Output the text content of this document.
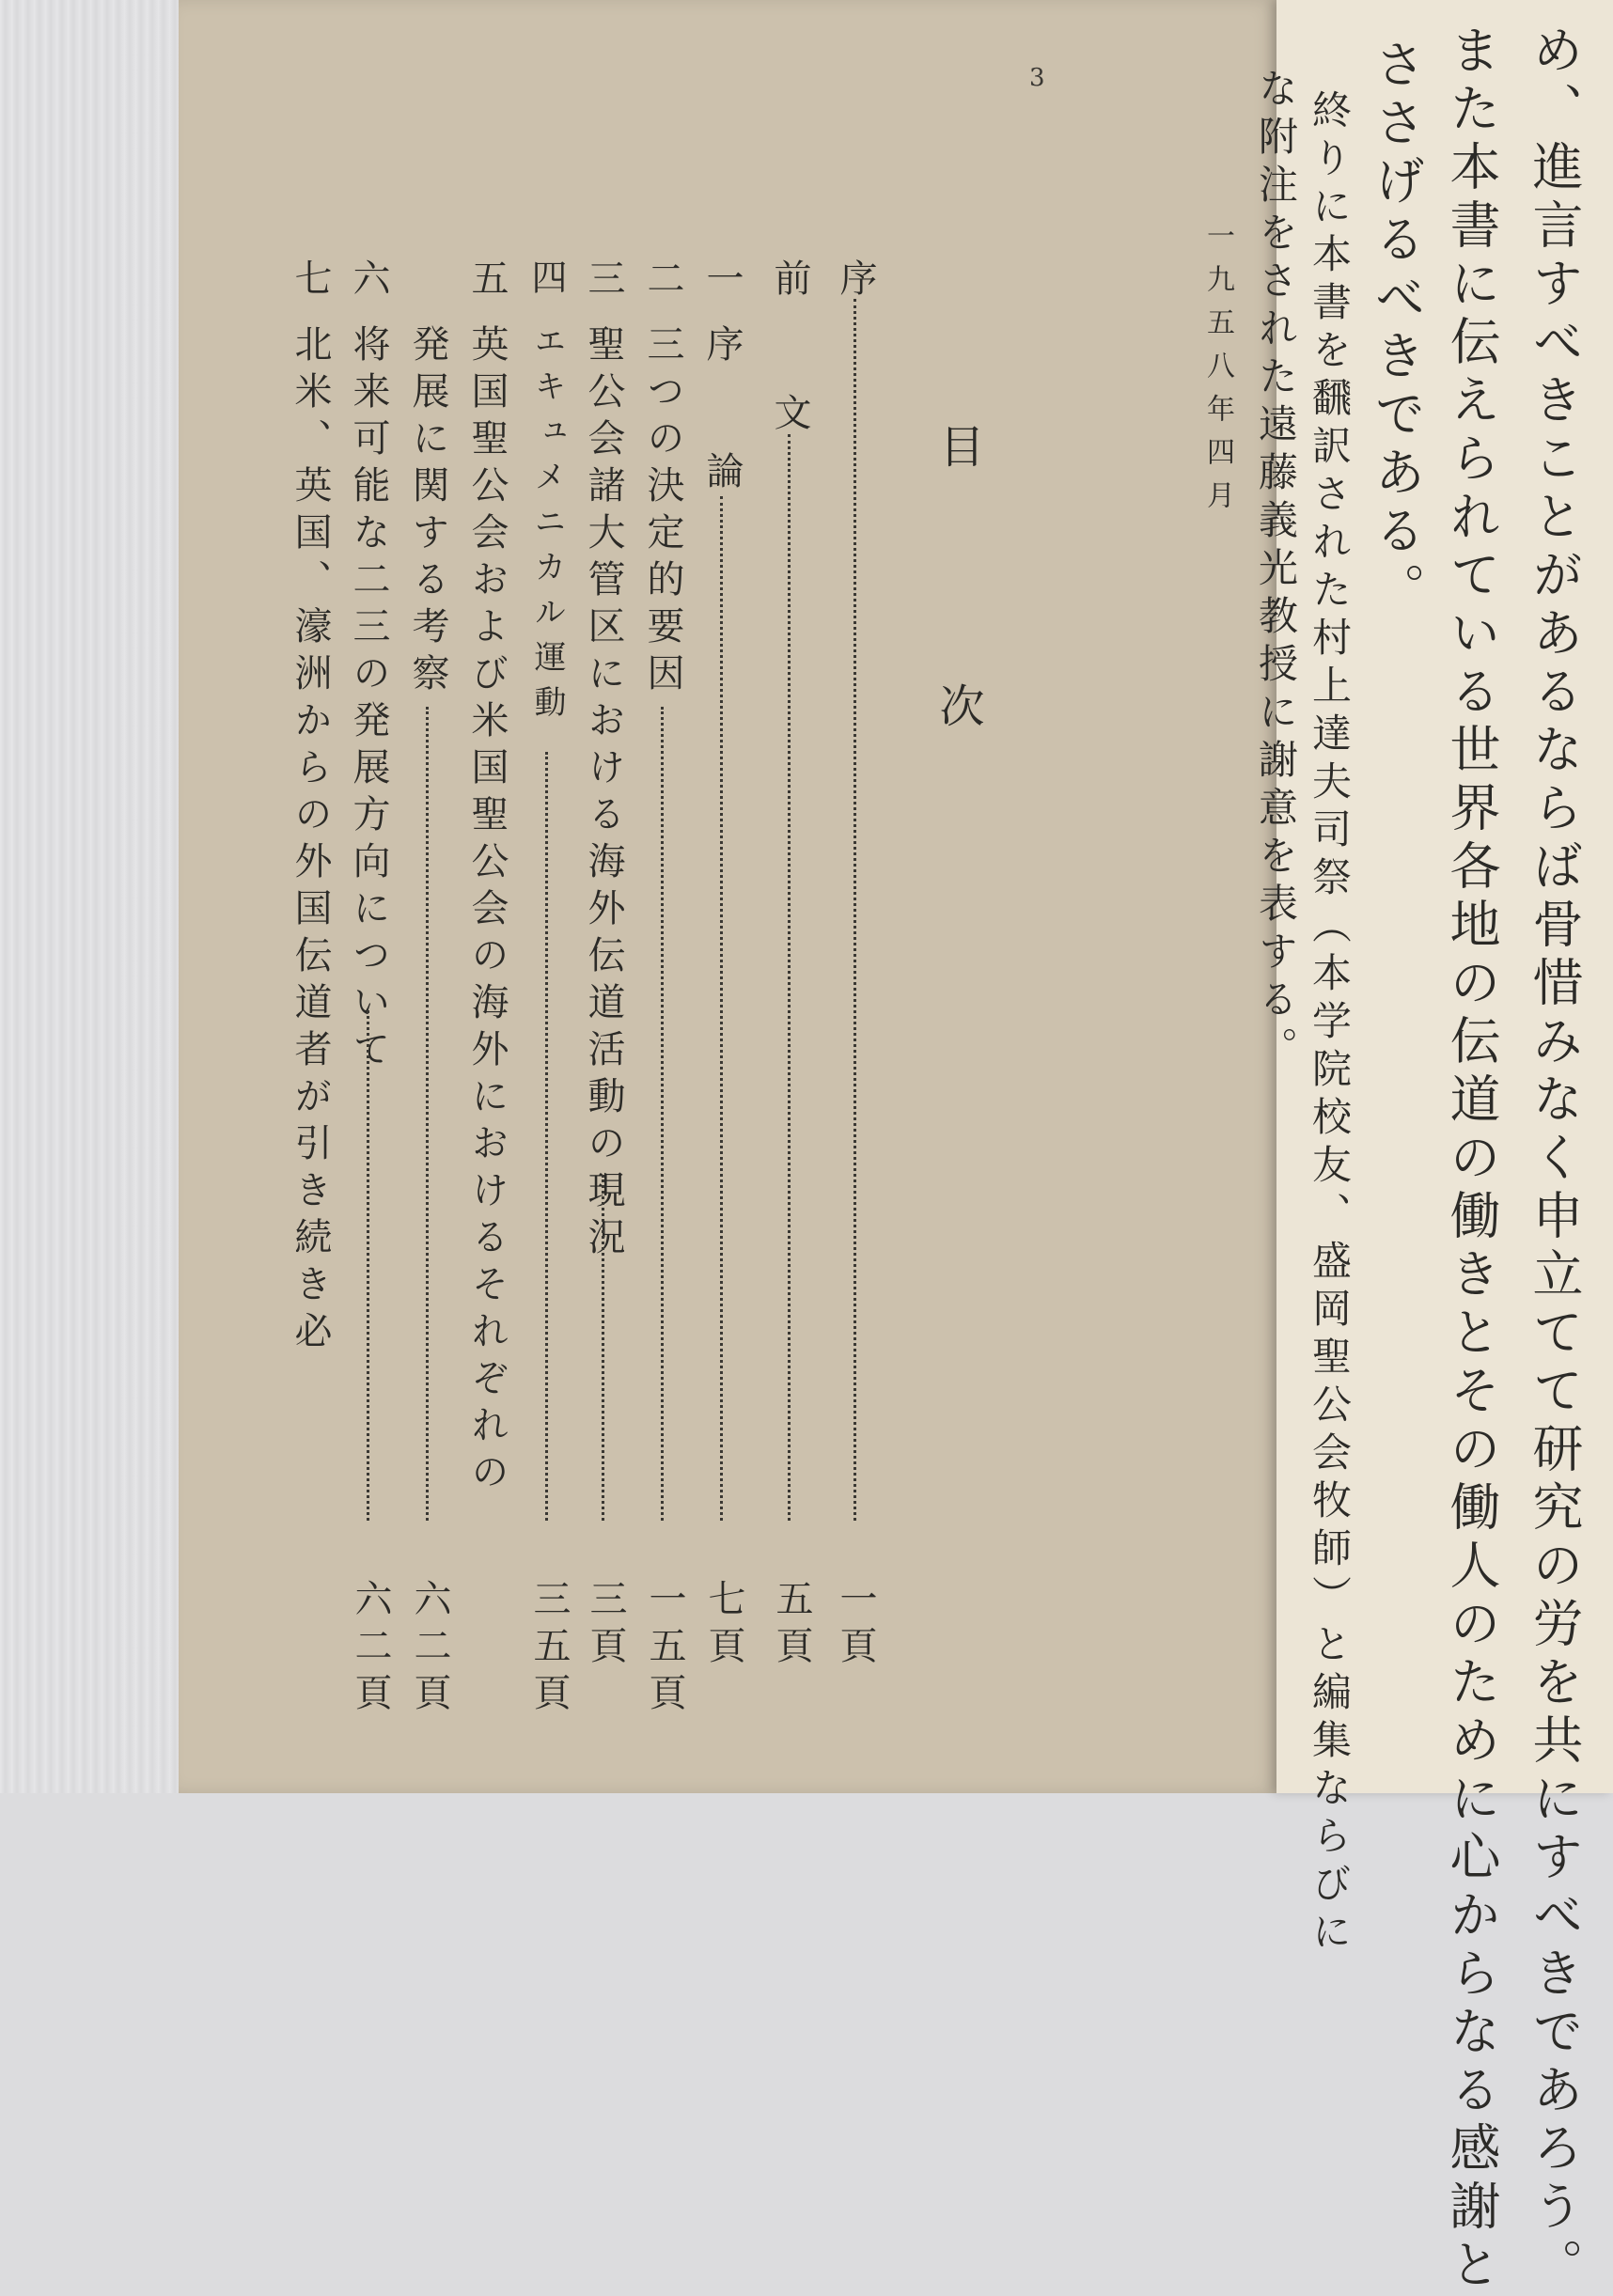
3
目　次
序
一頁
前
文
五頁
一
序
論
七頁
二
三つの決定的要因
一五頁
三
聖公会諸大管区における海外伝道活動の現況
三頁
四
エキュメニカル運動
三五頁
五
英国聖公会および米国聖公会の海外におけるそれぞれの
発展に関する考察
六二頁
六
将来可能な二三の発展方向について
六二頁
七
北米、英国、濠洲からの外国伝道者が引き続き必	め、進言すべきことがあるならば骨惜みなく申立てて研究の労を共にすべきであろう。
また本書に伝えられている世界各地の伝道の働きとその働人のために心からなる感謝と
ささげるべきである。
終りに本書を飜訳された村上達夫司祭（本学院校友、盛岡聖公会牧師）と編集ならびに
な附注をされた遠藤義光教授に謝意を表する。
一九五八年四月
